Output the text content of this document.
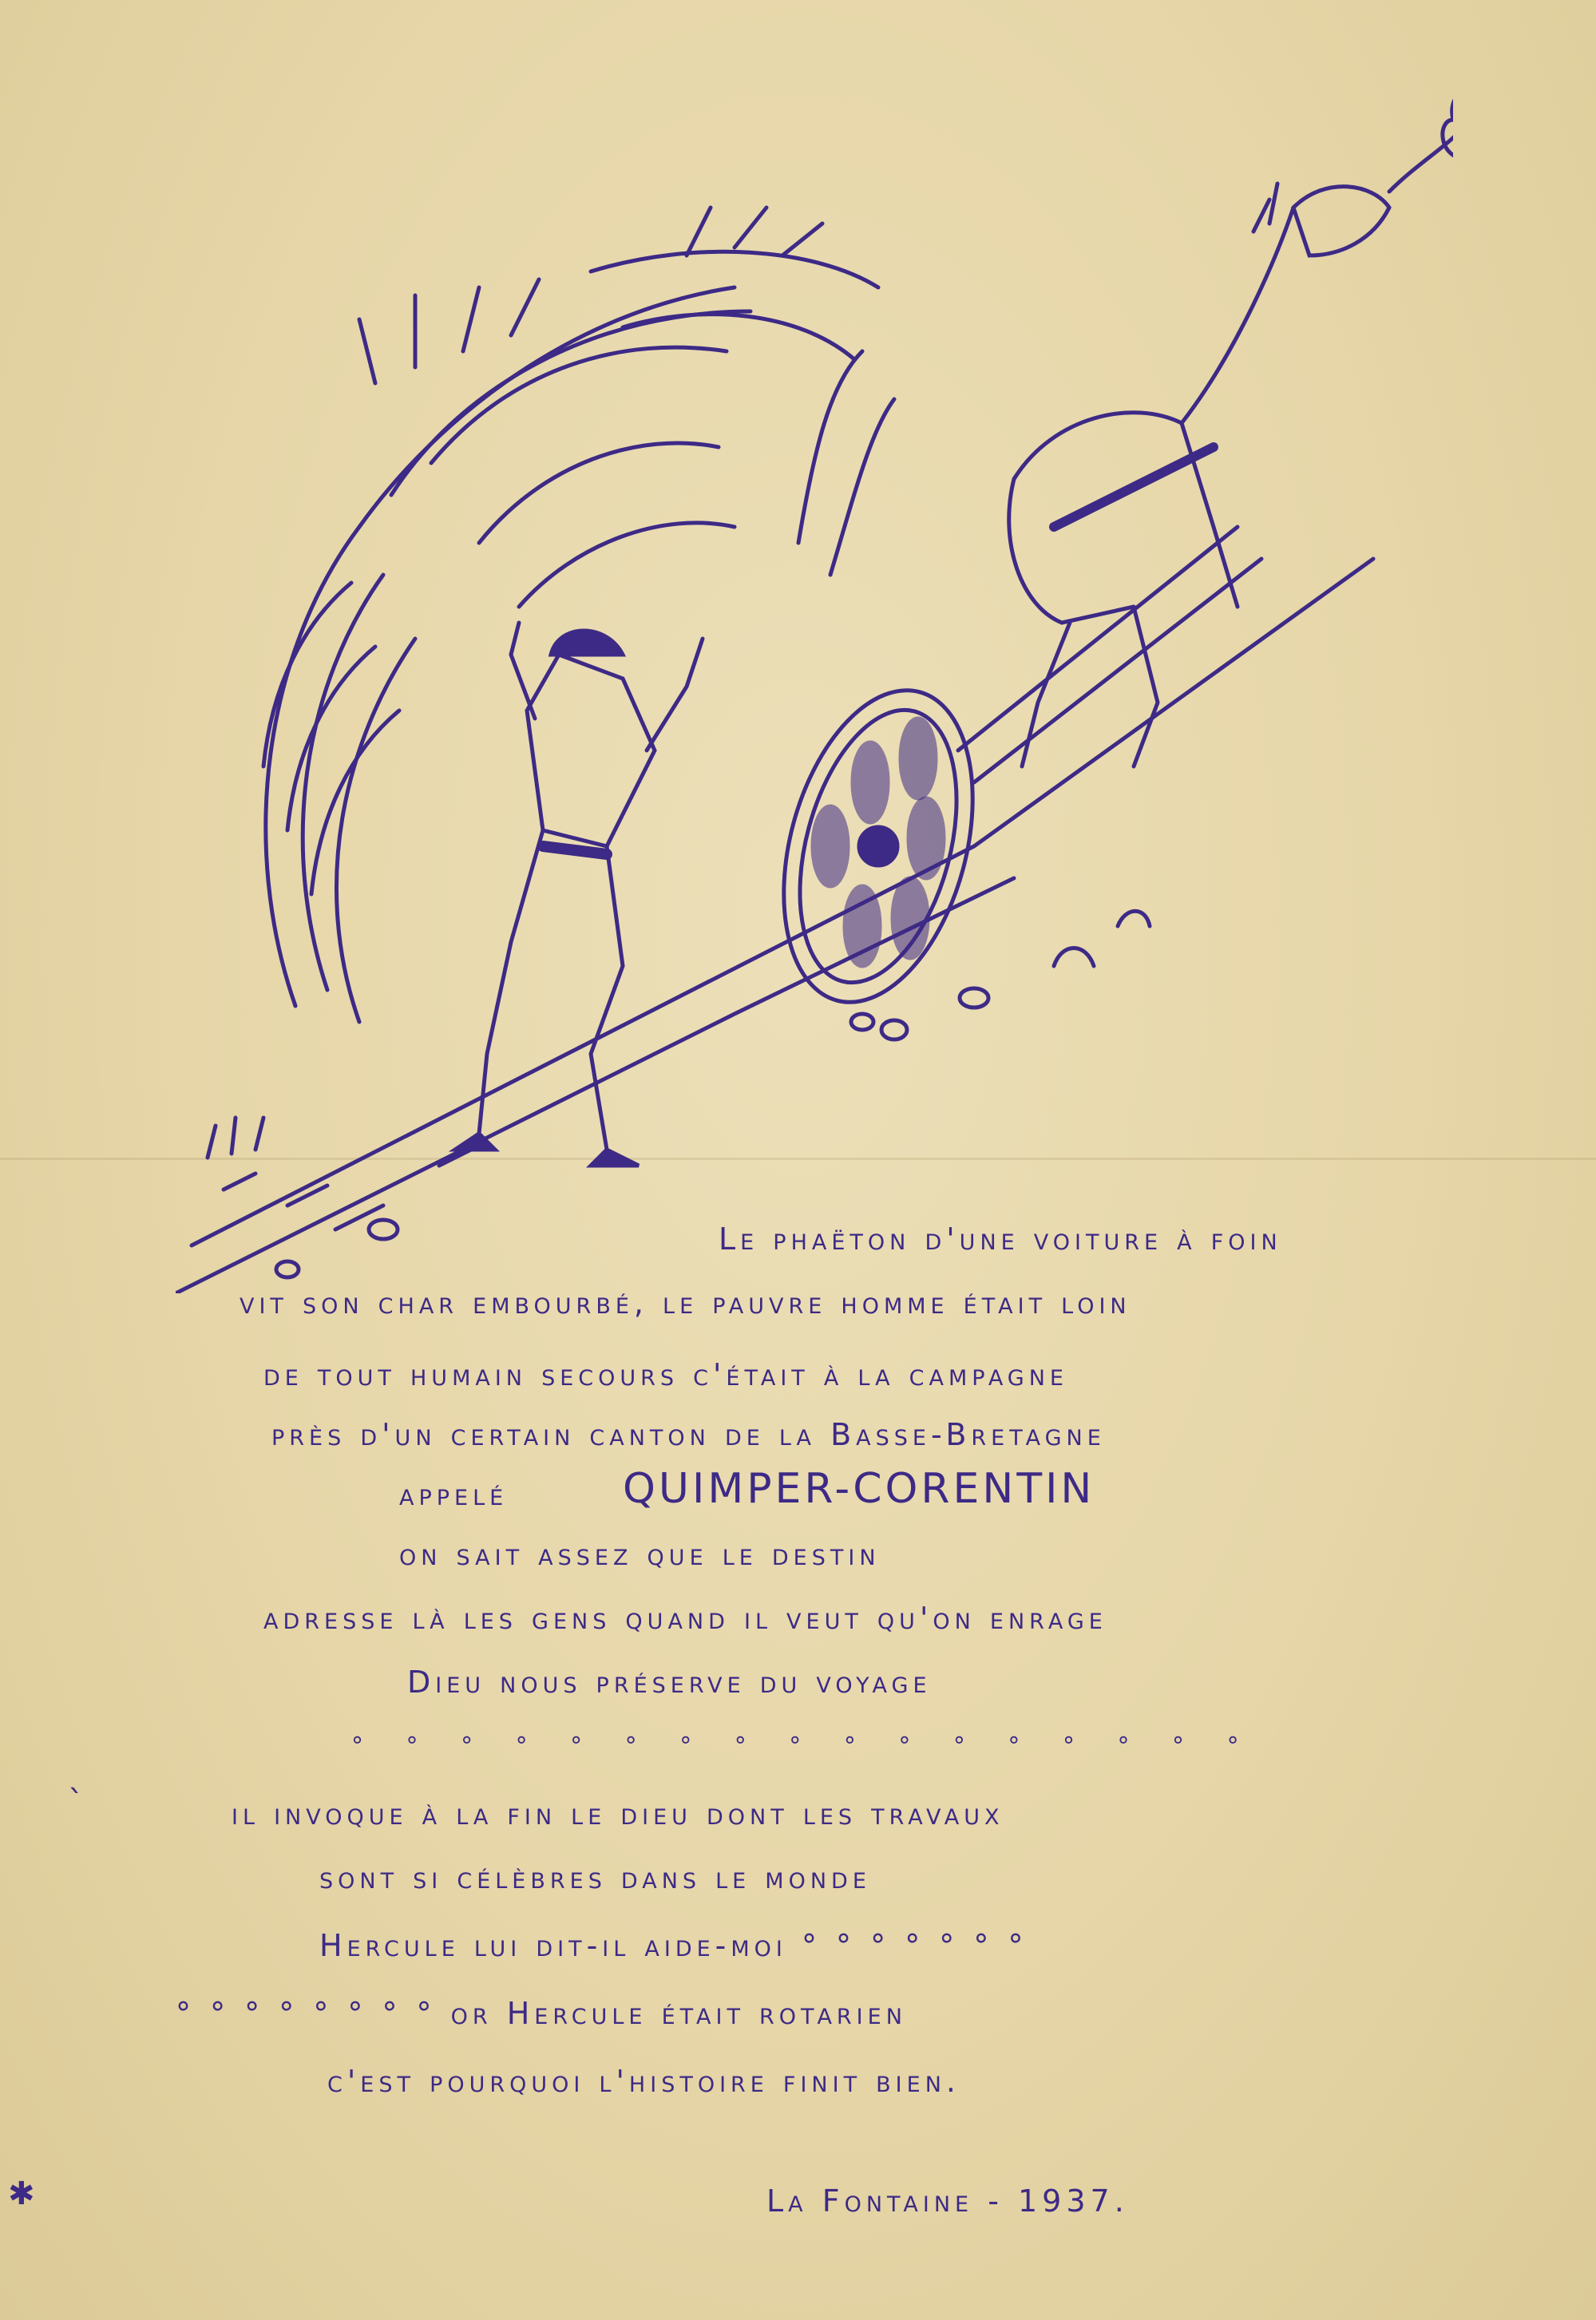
Le phaëton d'une voiture à foin
vit son char embourbé, le pauvre homme était loin
de tout humain secours c'était à la campagne
près d'un certain canton de la Basse-Bretagne
appelé	QUIMPER-CORENTIN
on sait assez que le destin
adresse là les gens quand il veut qu'on enrage
Dieu nous préserve du voyage
° ° ° ° ° ° ° ° ° ° ° ° ° ° ° ° °
ˋ	il invoque à la fin le dieu dont les travaux
sont si célèbres dans le monde
Hercule lui dit-il aide-moi ° ° ° ° ° ° °
° ° ° ° ° ° ° ° or Hercule était rotarien
c'est pourquoi l'histoire finit bien.
✱	La Fontaine - 1937.
